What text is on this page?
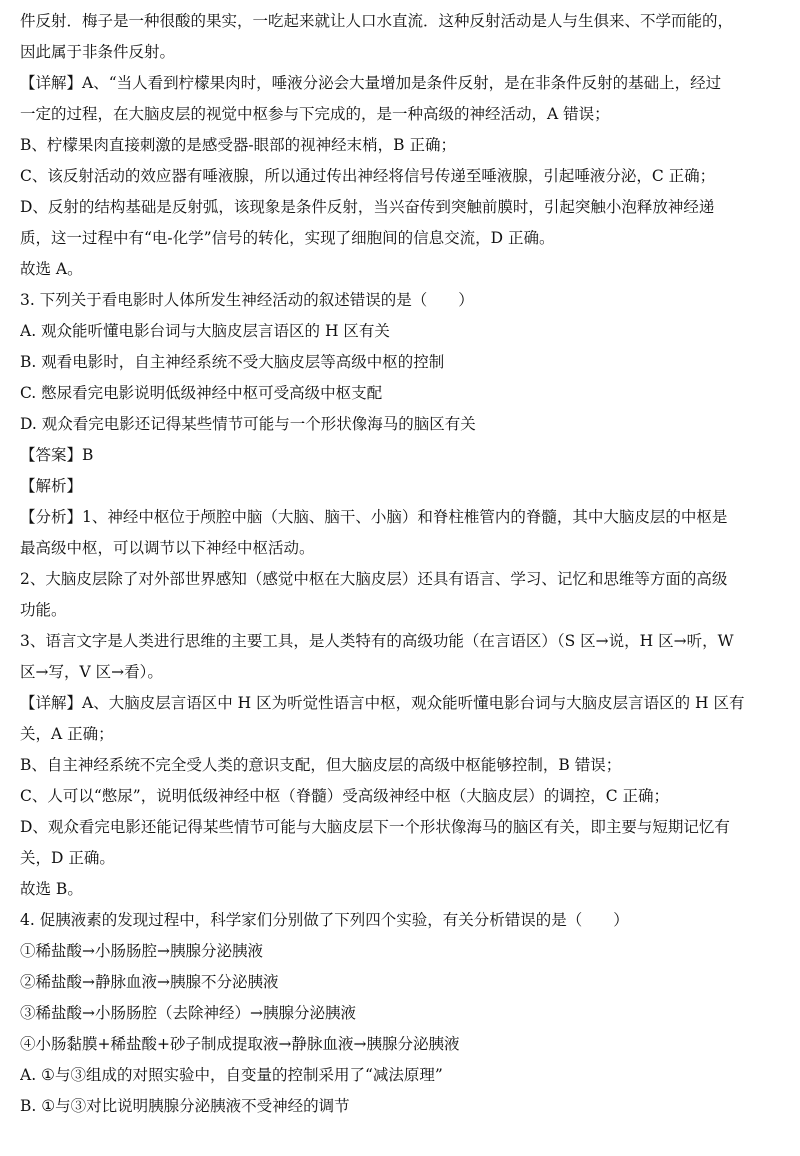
件反射．梅子是一种很酸的果实，一吃起来就让人口水直流．这种反射活动是人与生俱来、不学而能的，
因此属于非条件反射。
【详解】A、“当人看到柠檬果肉时，唾液分泌会大量增加是条件反射，是在非条件反射的基础上，经过
一定的过程，在大脑皮层的视觉中枢参与下完成的，是一种高级的神经活动，A 错误；
B、柠檬果肉直接刺激的是感受器-眼部的视神经末梢，B 正确；
C、该反射活动的效应器有唾液腺，所以通过传出神经将信号传递至唾液腺，引起唾液分泌，C 正确；
D、反射的结构基础是反射弧，该现象是条件反射，当兴奋传到突触前膜时，引起突触小泡释放神经递
质，这一过程中有“电-化学”信号的转化，实现了细胞间的信息交流，D 正确。
故选 A。
3. 下列关于看电影时人体所发生神经活动的叙述错误的是（　　）
A. 观众能听懂电影台词与大脑皮层言语区的 H 区有关
B. 观看电影时，自主神经系统不受大脑皮层等高级中枢的控制
C. 憋尿看完电影说明低级神经中枢可受高级中枢支配
D. 观众看完电影还记得某些情节可能与一个形状像海马的脑区有关
【答案】B
【解析】
【分析】1、神经中枢位于颅腔中脑（大脑、脑干、小脑）和脊柱椎管内的脊髓，其中大脑皮层的中枢是
最高级中枢，可以调节以下神经中枢活动。
2、大脑皮层除了对外部世界感知（感觉中枢在大脑皮层）还具有语言、学习、记忆和思维等方面的高级
功能。
3、语言文字是人类进行思维的主要工具，是人类特有的高级功能（在言语区）（S 区→说，H 区→听，W
区→写，V 区→看）。
【详解】A、大脑皮层言语区中 H 区为听觉性语言中枢，观众能听懂电影台词与大脑皮层言语区的 H 区有
关，A 正确；
B、自主神经系统不完全受人类的意识支配，但大脑皮层的高级中枢能够控制，B 错误；
C、人可以“憋尿”，说明低级神经中枢（脊髓）受高级神经中枢（大脑皮层）的调控，C 正确；
D、观众看完电影还能记得某些情节可能与大脑皮层下一个形状像海马的脑区有关，即主要与短期记忆有
关，D 正确。
故选 B。
4. 促胰液素的发现过程中，科学家们分别做了下列四个实验，有关分析错误的是（　　）
①稀盐酸→小肠肠腔→胰腺分泌胰液
②稀盐酸→静脉血液→胰腺不分泌胰液
③稀盐酸→小肠肠腔（去除神经）→胰腺分泌胰液
④小肠黏膜+稀盐酸+砂子制成提取液→静脉血液→胰腺分泌胰液
A. ①与③组成的对照实验中，自变量的控制采用了“减法原理”
B. ①与③对比说明胰腺分泌胰液不受神经的调节
